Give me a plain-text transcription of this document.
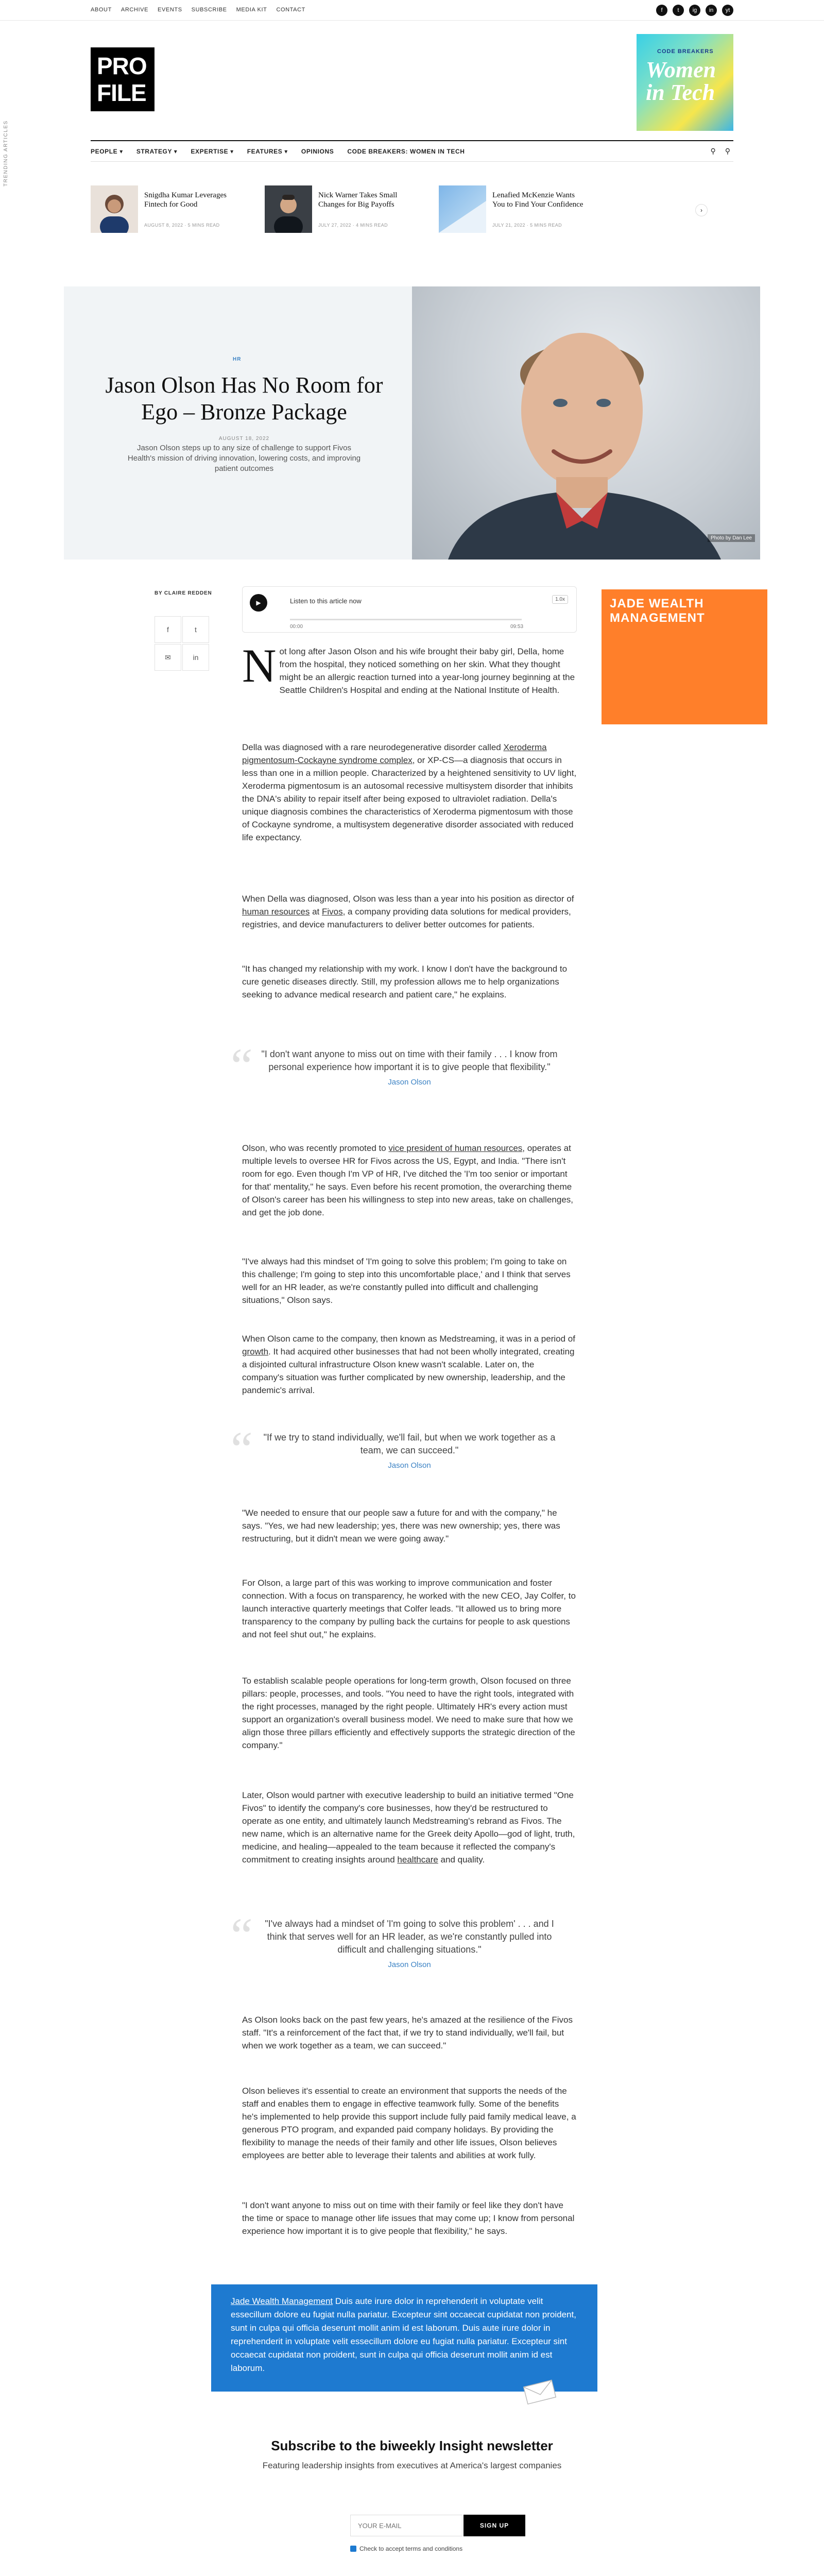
ABOUT ARCHIVE EVENTS SUBSCRIBE MEDIA KIT CONTACT	f	t	ig	in	yt
PRO
FILE
CODE BREAKERS
Women in Tech
PEOPLE ▾ STRATEGY ▾ EXPERTISE ▾ FEATURES ▾ OPINIONS CODE BREAKERS: WOMEN IN TECH	⚲ ⚲
TRENDING ARTICLES
Snigdha Kumar Leverages Fintech for Good
AUGUST 8, 2022 · 5 MINS READ
Nick Warner Takes Small Changes for Big Payoffs
JULY 27, 2022 · 4 MINS READ
Lenafied McKenzie Wants You to Find Your Confidence
JULY 21, 2022 · 5 MINS READ
›
HR
Jason Olson Has No Room for Ego – Bronze Package
AUGUST 18, 2022
Jason Olson steps up to any size of challenge to support Fivos Health's mission of driving innovation, lowering costs, and improving patient outcomes
Photo by Dan Lee
BY CLAIRE REDDEN
f	t
✉	in
▶	Listen to this article now
00:00	09:53
1.0x	JADE WEALTH
MANAGEMENT
Not long after Jason Olson and his wife brought their baby girl, Della, home from the hospital, they noticed something on her skin. What they thought might be an allergic reaction turned into a year-long journey beginning at the Seattle Children's Hospital and ending at the National Institute of Health.
Della was diagnosed with a rare neurodegenerative disorder called Xeroderma pigmentosum-Cockayne syndrome complex, or XP-CS—a diagnosis that occurs in less than one in a million people. Characterized by a heightened sensitivity to UV light, Xeroderma pigmentosum is an autosomal recessive multisystem disorder that inhibits the DNA's ability to repair itself after being exposed to ultraviolet radiation. Della's unique diagnosis combines the characteristics of Xeroderma pigmentosum with those of Cockayne syndrome, a multisystem degenerative disorder associated with reduced life expectancy.
When Della was diagnosed, Olson was less than a year into his position as director of human resources at Fivos, a company providing data solutions for medical providers, registries, and device manufacturers to deliver better outcomes for patients.
"It has changed my relationship with my work. I know I don't have the background to cure genetic diseases directly. Still, my profession allows me to help organizations seeking to advance medical research and patient care," he explains.
“ "I don't want anyone to miss out on time with their family . . . I know from personal experience how important it is to give people that flexibility."
Jason Olson
Olson, who was recently promoted to vice president of human resources, operates at multiple levels to oversee HR for Fivos across the US, Egypt, and India. "There isn't room for ego. Even though I'm VP of HR, I've ditched the 'I'm too senior or important for that' mentality," he says. Even before his recent promotion, the overarching theme of Olson's career has been his willingness to step into new areas, take on challenges, and get the job done.
"I've always had this mindset of 'I'm going to solve this problem; I'm going to take on this challenge; I'm going to step into this uncomfortable place,' and I think that serves well for an HR leader, as we're constantly pulled into difficult and challenging situations," Olson says.
When Olson came to the company, then known as Medstreaming, it was in a period of growth. It had acquired other businesses that had not been wholly integrated, creating a disjointed cultural infrastructure Olson knew wasn't scalable. Later on, the company's situation was further complicated by new ownership, leadership, and the pandemic's arrival.
“	"If we try to stand individually, we'll fail, but when we work together as a team, we can succeed."
Jason Olson
"We needed to ensure that our people saw a future for and with the company," he says. "Yes, we had new leadership; yes, there was new ownership; yes, there was restructuring, but it didn't mean we were going away."
For Olson, a large part of this was working to improve communication and foster connection. With a focus on transparency, he worked with the new CEO, Jay Colfer, to launch interactive quarterly meetings that Colfer leads. "It allowed us to bring more transparency to the company by pulling back the curtains for people to ask questions and not feel shut out," he explains.
To establish scalable people operations for long-term growth, Olson focused on three pillars: people, processes, and tools. "You need to have the right tools, integrated with the right processes, managed by the right people. Ultimately HR's every action must support an organization's overall business model. We need to make sure that how we align those three pillars efficiently and effectively supports the strategic direction of the company."
Later, Olson would partner with executive leadership to build an initiative termed "One Fivos" to identify the company's core businesses, how they'd be restructured to operate as one entity, and ultimately launch Medstreaming's rebrand as Fivos. The new name, which is an alternative name for the Greek deity Apollo—god of light, truth, medicine, and healing—appealed to the team because it reflected the company's commitment to creating insights around healthcare and quality.
“	"I've always had a mindset of 'I'm going to solve this problem' . . . and I think that serves well for an HR leader, as we're constantly pulled into difficult and challenging situations."
Jason Olson
As Olson looks back on the past few years, he's amazed at the resilience of the Fivos staff. "It's a reinforcement of the fact that, if we try to stand individually, we'll fail, but when we work together as a team, we can succeed."
Olson believes it's essential to create an environment that supports the needs of the staff and enables them to engage in effective teamwork fully. Some of the benefits he's implemented to help provide this support include fully paid family medical leave, a generous PTO program, and expanded paid company holidays. By providing the flexibility to manage the needs of their family and other life issues, Olson believes employees are better able to leverage their talents and abilities at work fully.
"I don't want anyone to miss out on time with their family or feel like they don't have the time or space to manage other life issues that may come up; I know from personal experience how important it is to give people that flexibility," he says.
Jade Wealth Management Duis aute irure dolor in reprehenderit in voluptate velit essecillum dolore eu fugiat nulla pariatur. Excepteur sint occaecat cupidatat non proident, sunt in culpa qui officia deserunt mollit anim id est laborum. Duis aute irure dolor in reprehenderit in voluptate velit essecillum dolore eu fugiat nulla pariatur. Excepteur sint occaecat cupidatat non proident, sunt in culpa qui officia deserunt mollit anim id est laborum.
Subscribe to the biweekly Insight newsletter
Featuring leadership insights from executives at America's largest companies
YOUR E-MAIL
SIGN UP
Check to accept terms and conditions
